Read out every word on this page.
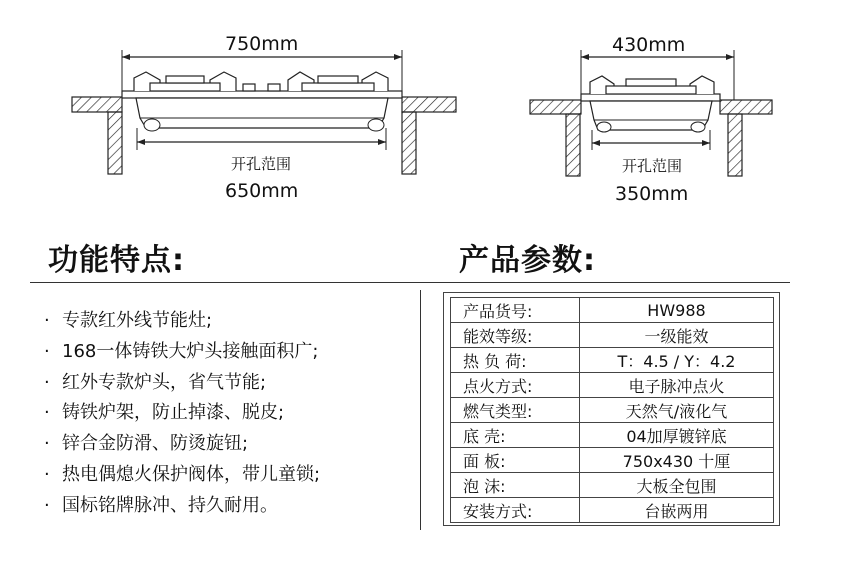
750mm
开孔范围
650mm
430mm
开孔范围
350mm
功能特点:	产品参数:
· 专款红外线节能灶;
· 168一体铸铁大炉头接触面积广;
· 红外专款炉头，省气节能;
· 铸铁炉架，防止掉漆、脱皮;
· 锌合金防滑、防烫旋钮;
· 热电偶熄火保护阀体，带儿童锁;
· 国标铭牌脉冲、持久耐用。
产品货号:	HW988
能效等级:	一级能效
热 负 荷:	T：4.5 / Y：4.2
点火方式:	电子脉冲点火
燃气类型:	天然气/液化气
底 壳:	04加厚镀锌底
面 板:	750x430 十厘
泡 沫:	大板全包围
安装方式:	台嵌两用
